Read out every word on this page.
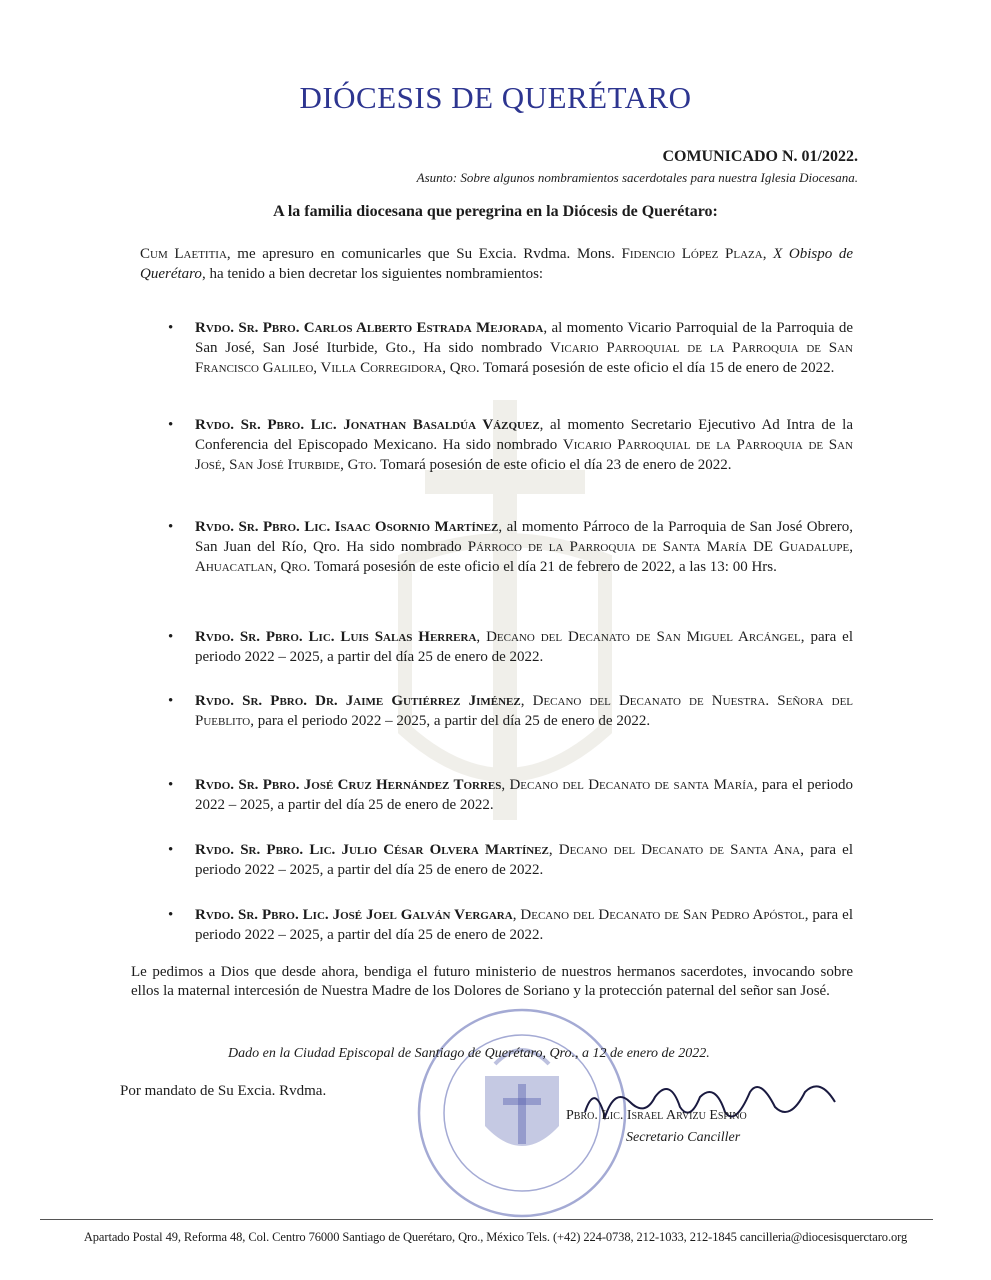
DIÓCESIS DE QUERÉTARO
COMUNICADO N. 01/2022.
Asunto: Sobre algunos nombramientos sacerdotales para nuestra Iglesia Diocesana.
A la familia diocesana que peregrina en la Diócesis de Querétaro:
Cum Laetitia, me apresuro en comunicarles que Su Excia. Rvdma. Mons. Fidencio López Plaza, X Obispo de Querétaro, ha tenido a bien decretar los siguientes nombramientos:
• Rvdo. Sr. Pbro. Carlos Alberto Estrada Mejorada, al momento Vicario Parroquial de la Parroquia de San José, San José Iturbide, Gto., Ha sido nombrado Vicario Parroquial de la Parroquia de San Francisco Galileo, Villa Corregidora, Qro. Tomará posesión de este oficio el día 15 de enero de 2022.
• Rvdo. Sr. Pbro. Lic. Jonathan Basaldúa Vázquez, al momento Secretario Ejecutivo Ad Intra de la Conferencia del Episcopado Mexicano. Ha sido nombrado Vicario Parroquial de la Parroquia de San José, San José Iturbide, Gto. Tomará posesión de este oficio el día 23 de enero de 2022.
• Rvdo. Sr. Pbro. Lic. Isaac Osornio Martínez, al momento Párroco de la Parroquia de San José Obrero, San Juan del Río, Qro. Ha sido nombrado Párroco de la Parroquia de Santa María DE Guadalupe, Ahuacatlan, Qro. Tomará posesión de este oficio el día 21 de febrero de 2022, a las 13: 00 Hrs.
• Rvdo. Sr. Pbro. Lic. Luis Salas Herrera, Decano del Decanato de San Miguel Arcángel, para el periodo 2022 – 2025, a partir del día 25 de enero de 2022.
• Rvdo. Sr. Pbro. Dr. Jaime Gutiérrez Jiménez, Decano del Decanato de Nuestra. Señora del Pueblito, para el periodo 2022 – 2025, a partir del día 25 de enero de 2022.
• Rvdo. Sr. Pbro. José Cruz Hernández Torres, Decano del Decanato de santa María, para el periodo 2022 – 2025, a partir del día 25 de enero de 2022.
• Rvdo. Sr. Pbro. Lic. Julio César Olvera Martínez, Decano del Decanato de Santa Ana, para el periodo 2022 – 2025, a partir del día 25 de enero de 2022.
• Rvdo. Sr. Pbro. Lic. José Joel Galván Vergara, Decano del Decanato de San Pedro Apóstol, para el periodo 2022 – 2025, a partir del día 25 de enero de 2022.
Le pedimos a Dios que desde ahora, bendiga el futuro ministerio de nuestros hermanos sacerdotes, invocando sobre ellos la maternal intercesión de Nuestra Madre de los Dolores de Soriano y la protección paternal del señor san José.
Dado en la Ciudad Episcopal de Santiago de Querétaro, Qro., a 12 de enero de 2022.
Por mandato de Su Excia. Rvdma.
Pbro. Lic. Israel Arvizu Espino
Secretario Canciller
Apartado Postal 49, Reforma 48, Col. Centro 76000 Santiago de Querétaro, Qro., México Tels. (+42) 224-0738, 212-1033, 212-1845 cancilleria@diocesisquerctaro.org
